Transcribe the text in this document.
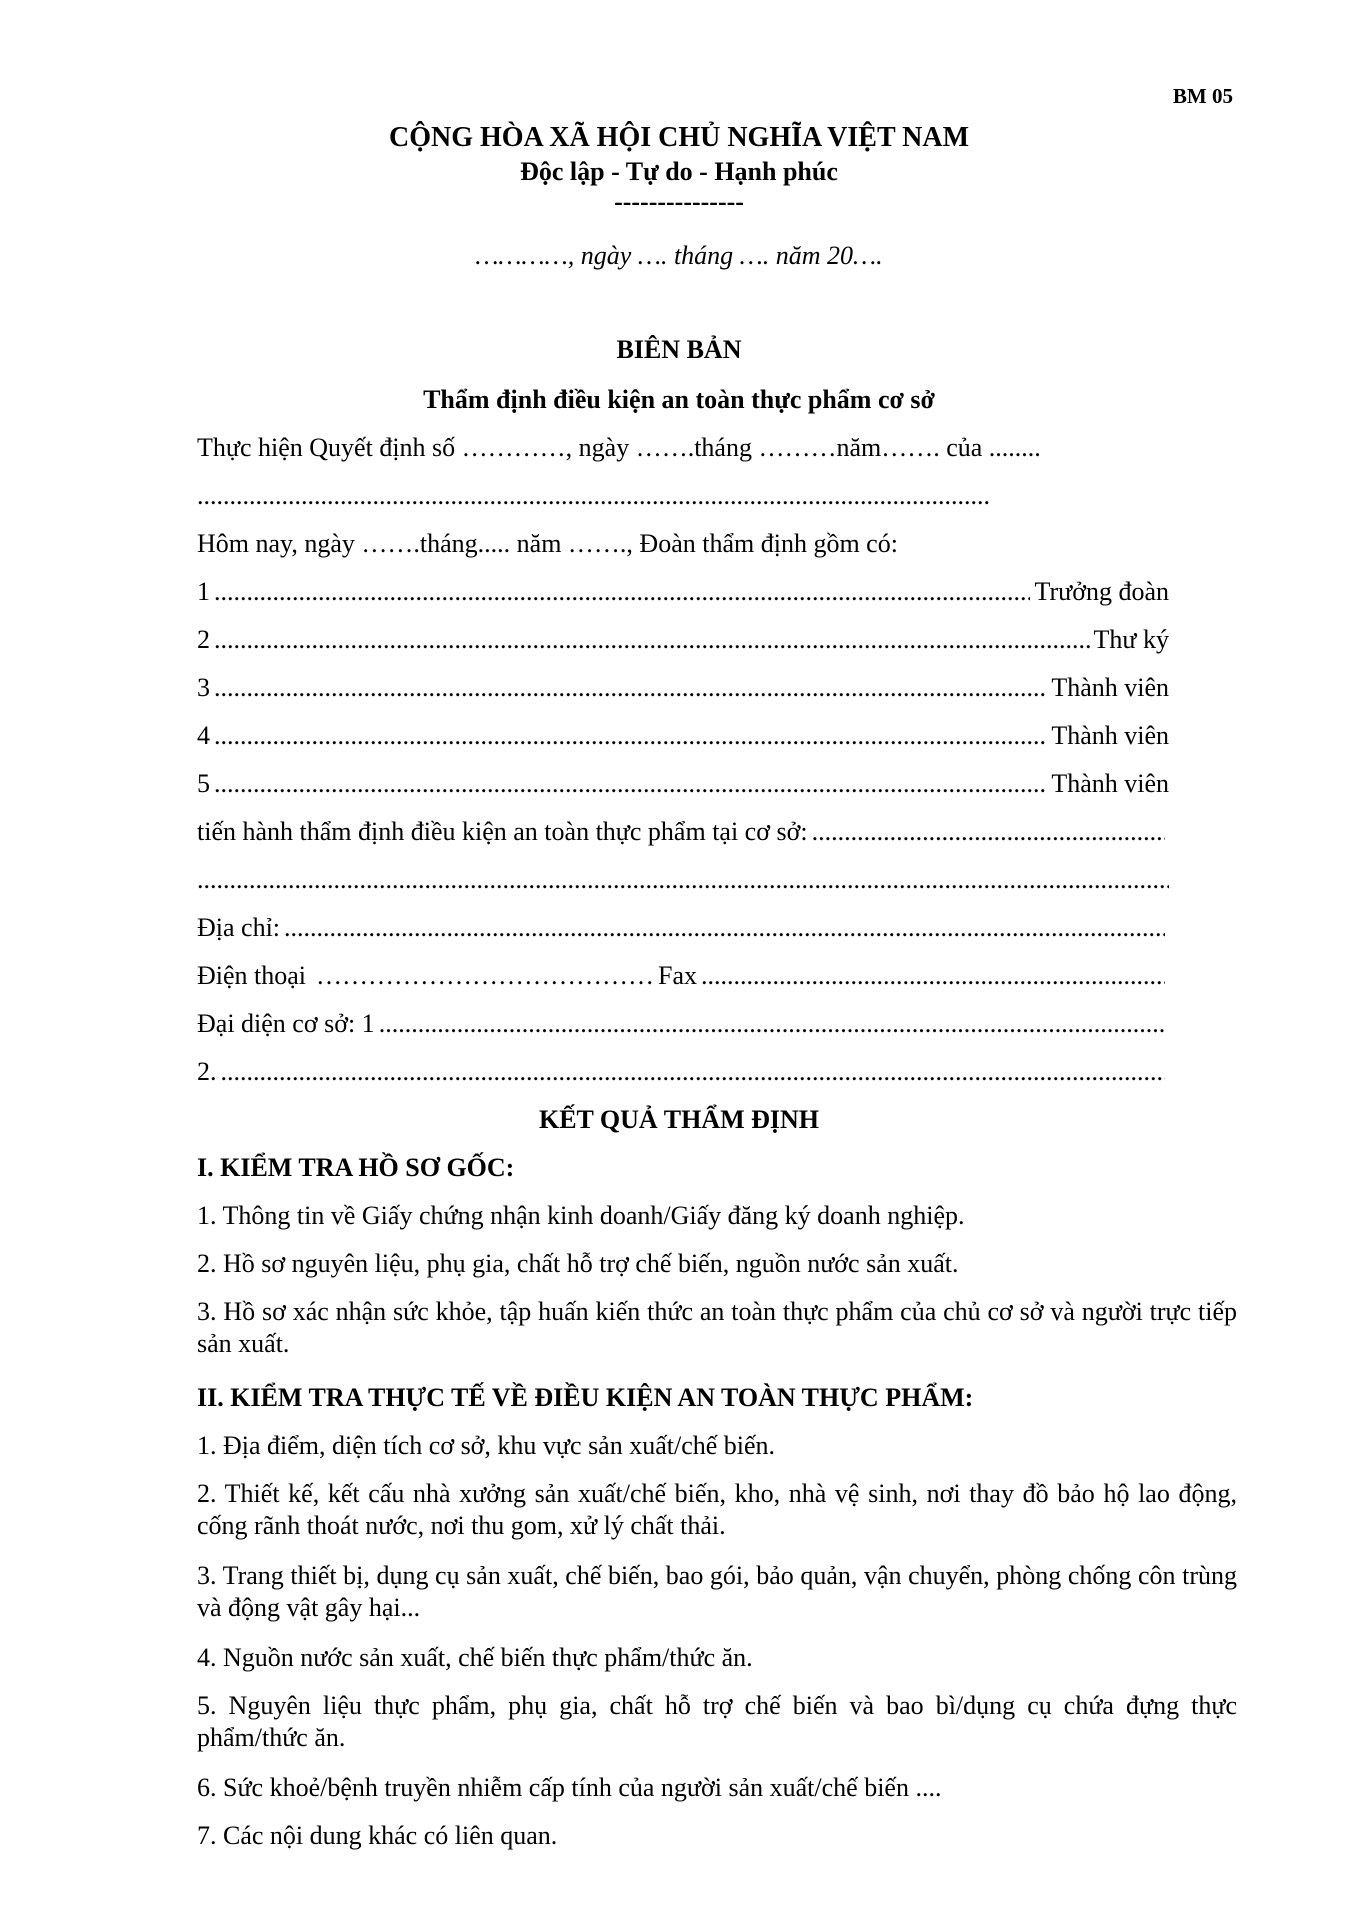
BM 05
CỘNG HÒA XÃ HỘI CHỦ NGHĨA VIỆT NAM
Độc lập - Tự do - Hạnh phúc
---------------
…………, ngày …. tháng …. năm 20….
BIÊN BẢN
Thẩm định điều kiện an toàn thực phẩm cơ sở
Thực hiện Quyết định số …………, ngày …….tháng ………năm……. của ........
..........................................................................................................................
Hôm nay, ngày …….tháng..... năm ……., Đoàn thẩm định gồm có:
1 .....	Trưởng đoàn
2 .....	Thư ký
3 .....	Thành viên
4 .....	Thành viên
5 .....	Thành viên
tiến hành thẩm định điều kiện an toàn thực phẩm tại cơ sở:
.....
.....
Địa chỉ:
.....
Điện thoại ………………………………… Fax
.....
Đại diện cơ sở: 1
.....
2.
.....
KẾT QUẢ THẨM ĐỊNH
I. KIỂM TRA HỒ SƠ GỐC:
1. Thông tin về Giấy chứng nhận kinh doanh/Giấy đăng ký doanh nghiệp.
2. Hồ sơ nguyên liệu, phụ gia, chất hỗ trợ chế biến, nguồn nước sản xuất.
3. Hồ sơ xác nhận sức khỏe, tập huấn kiến thức an toàn thực phẩm của chủ cơ sở và người trực tiếp sản xuất.
II. KIỂM TRA THỰC TẾ VỀ ĐIỀU KIỆN AN TOÀN THỰC PHẨM:
1. Địa điểm, diện tích cơ sở, khu vực sản xuất/chế biến.
2. Thiết kế, kết cấu nhà xưởng sản xuất/chế biến, kho, nhà vệ sinh, nơi thay đồ bảo hộ lao động, cống rãnh thoát nước, nơi thu gom, xử lý chất thải.
3. Trang thiết bị, dụng cụ sản xuất, chế biến, bao gói, bảo quản, vận chuyển, phòng chống côn trùng và động vật gây hại...
4. Nguồn nước sản xuất, chế biến thực phẩm/thức ăn.
5. Nguyên liệu thực phẩm, phụ gia, chất hỗ trợ chế biến và bao bì/dụng cụ chứa đựng thực phẩm/thức ăn.
6. Sức khoẻ/bệnh truyền nhiễm cấp tính của người sản xuất/chế biến ....
7. Các nội dung khác có liên quan.
